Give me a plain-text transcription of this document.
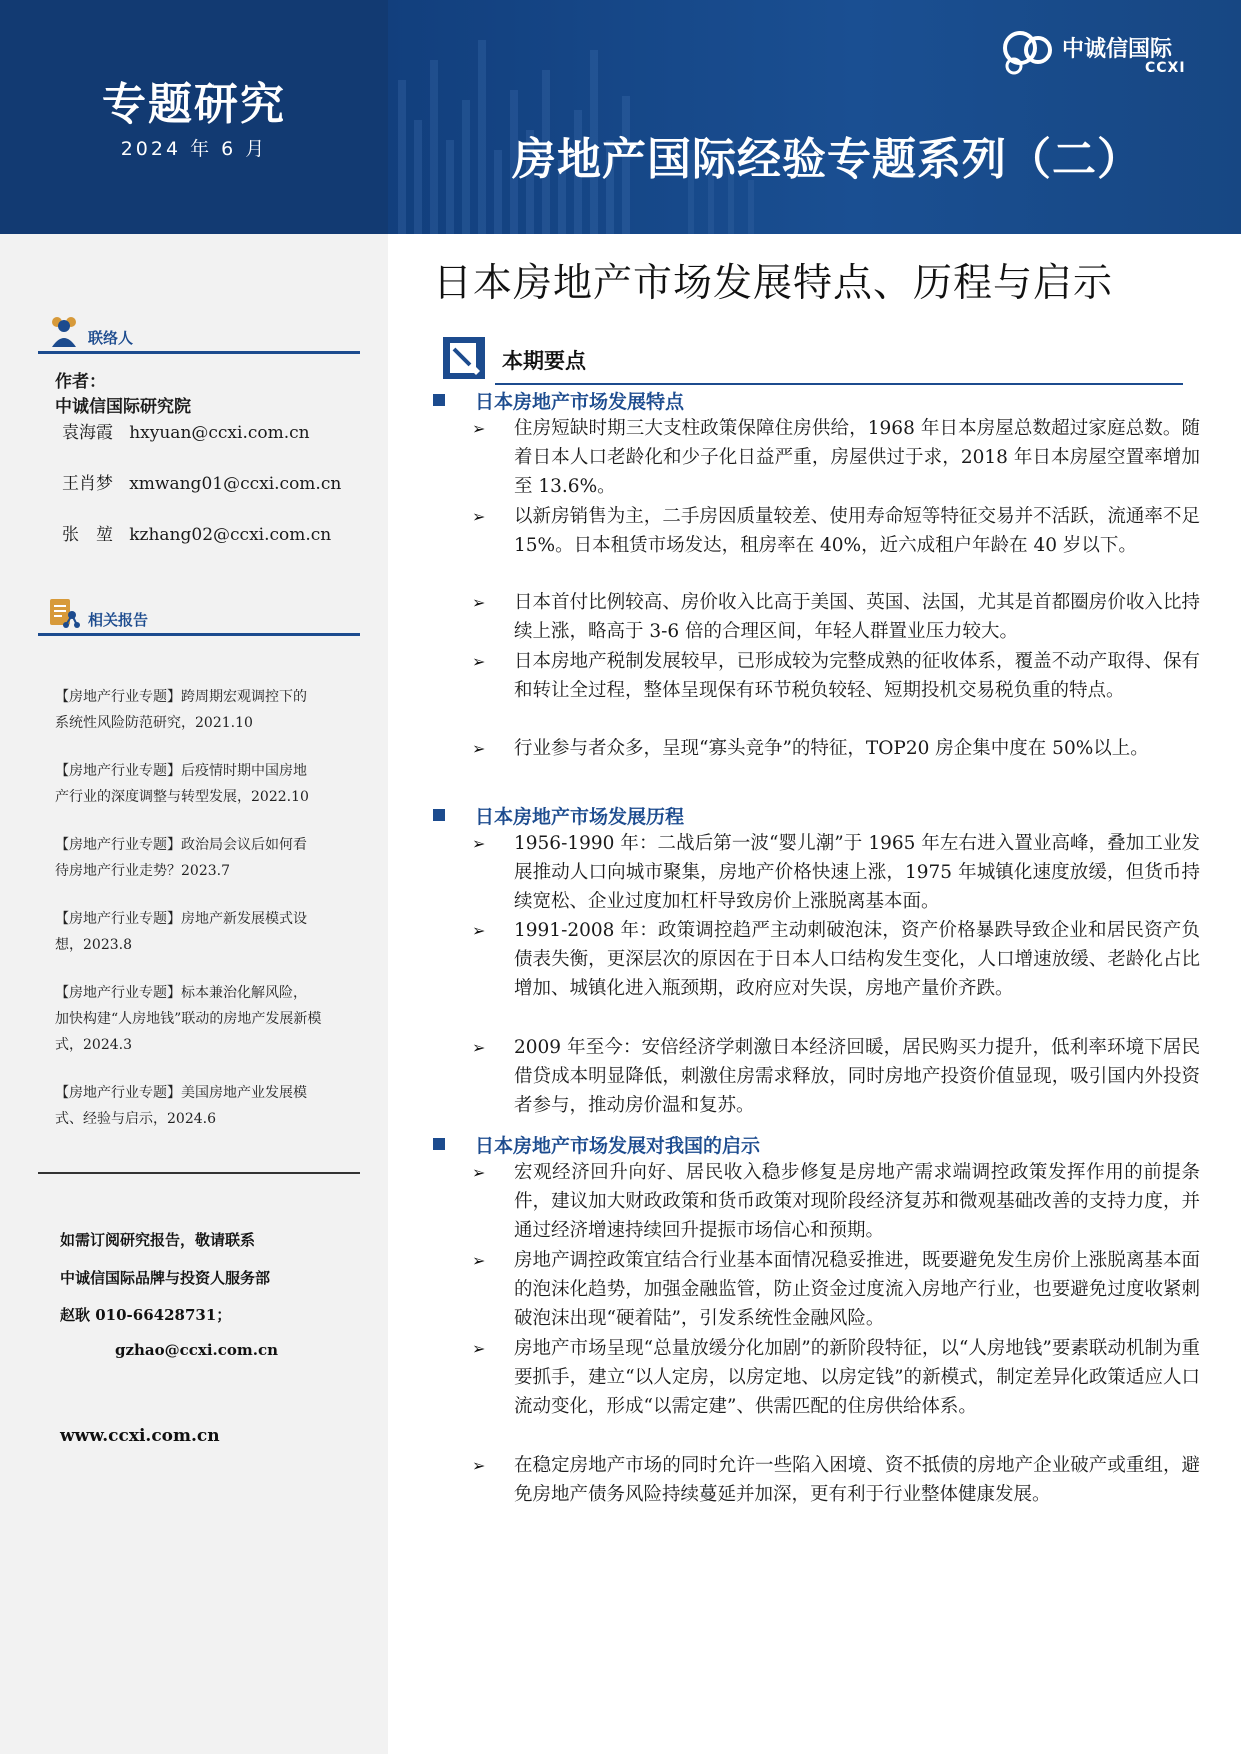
专题研究
2024 年 6 月	房地产国际经验专题系列（二）
中诚信国际
CCXI
联络人
作者：
中诚信国际研究院
袁海霞 hxyuan@ccxi.com.cn
王肖梦 xmwang01@ccxi.com.cn
张　堃 kzhang02@ccxi.com.cn
相关报告
【房地产行业专题】跨周期宏观调控下的
系统性风险防范研究，2021.10
【房地产行业专题】后疫情时期中国房地
产行业的深度调整与转型发展，2022.10
【房地产行业专题】政治局会议后如何看
待房地产行业走势？2023.7
【房地产行业专题】房地产新发展模式设
想，2023.8
【房地产行业专题】标本兼治化解风险，
加快构建“人房地钱”联动的房地产发展新模
式，2024.3
【房地产行业专题】美国房地产业发展模
式、经验与启示，2024.6
如需订阅研究报告，敬请联系
中诚信国际品牌与投资人服务部
赵耿 010-66428731；
gzhao@ccxi.com.cn
www.ccxi.com.cn
日本房地产市场发展特点、历程与启示
本期要点
日本房地产市场发展特点
➢ 住房短缺时期三大支柱政策保障住房供给，1968 年日本房屋总数超过家庭总数。随着日本人口老龄化和少子化日益严重，房屋供过于求，2018 年日本房屋空置率增加至 13.6%。
➢ 以新房销售为主，二手房因质量较差、使用寿命短等特征交易并不活跃，流通率不足 15%。日本租赁市场发达，租房率在 40%，近六成租户年龄在 40 岁以下。
➢ 日本首付比例较高、房价收入比高于美国、英国、法国，尤其是首都圈房价收入比持续上涨，略高于 3-6 倍的合理区间，年轻人群置业压力较大。
➢ 日本房地产税制发展较早，已形成较为完整成熟的征收体系，覆盖不动产取得、保有和转让全过程，整体呈现保有环节税负较轻、短期投机交易税负重的特点。
➢ 行业参与者众多，呈现“寡头竞争”的特征，TOP20 房企集中度在 50%以上。
日本房地产市场发展历程
➢ 1956-1990 年：二战后第一波“婴儿潮”于 1965 年左右进入置业高峰，叠加工业发展推动人口向城市聚集，房地产价格快速上涨，1975 年城镇化速度放缓，但货币持续宽松、企业过度加杠杆导致房价上涨脱离基本面。
➢ 1991-2008 年：政策调控趋严主动刺破泡沫，资产价格暴跌导致企业和居民资产负债表失衡，更深层次的原因在于日本人口结构发生变化，人口增速放缓、老龄化占比增加、城镇化进入瓶颈期，政府应对失误，房地产量价齐跌。
➢ 2009 年至今：安倍经济学刺激日本经济回暖，居民购买力提升，低利率环境下居民借贷成本明显降低，刺激住房需求释放，同时房地产投资价值显现，吸引国内外投资者参与，推动房价温和复苏。
日本房地产市场发展对我国的启示
➢ 宏观经济回升向好、居民收入稳步修复是房地产需求端调控政策发挥作用的前提条件，建议加大财政政策和货币政策对现阶段经济复苏和微观基础改善的支持力度，并通过经济增速持续回升提振市场信心和预期。
➢ 房地产调控政策宜结合行业基本面情况稳妥推进，既要避免发生房价上涨脱离基本面的泡沫化趋势，加强金融监管，防止资金过度流入房地产行业，也要避免过度收紧刺破泡沫出现“硬着陆”，引发系统性金融风险。
➢ 房地产市场呈现“总量放缓分化加剧”的新阶段特征，以“人房地钱”要素联动机制为重要抓手，建立“以人定房，以房定地、以房定钱”的新模式，制定差异化政策适应人口流动变化，形成“以需定建”、供需匹配的住房供给体系。
➢ 在稳定房地产市场的同时允许一些陷入困境、资不抵债的房地产企业破产或重组，避免房地产债务风险持续蔓延并加深，更有利于行业整体健康发展。
